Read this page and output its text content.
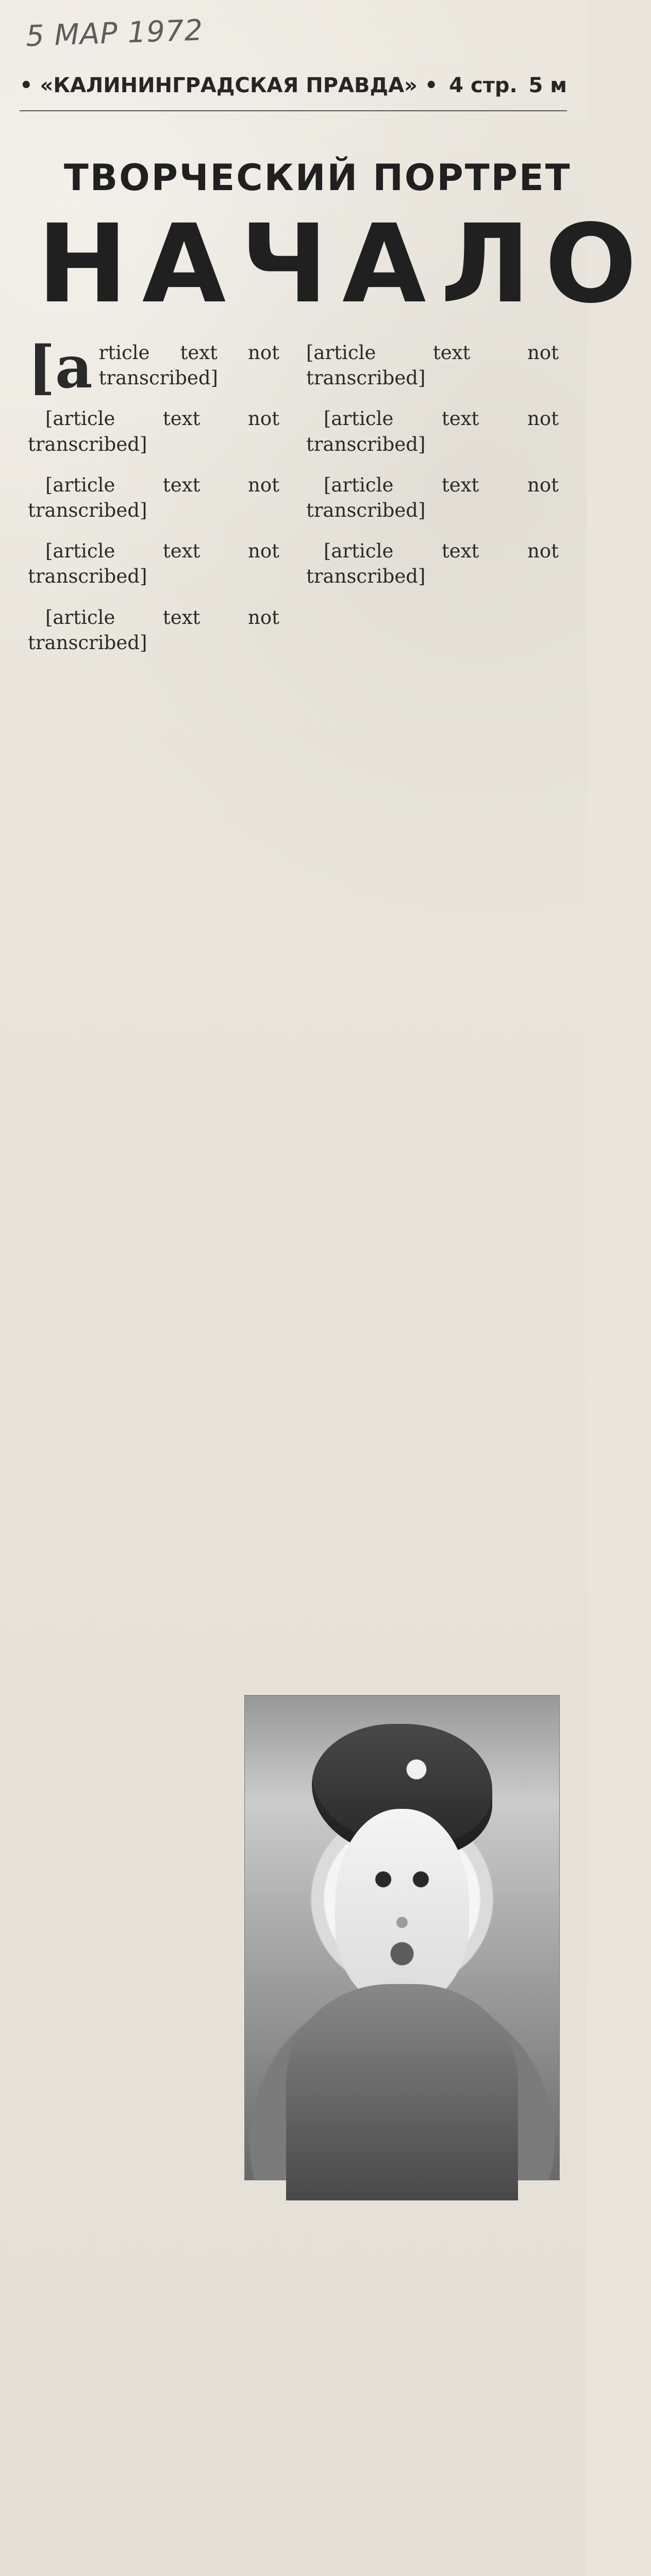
5 МАР 1972
• «КАЛИНИНГРАДСКАЯ ПРАВДА» • 4 стр. 5 м
ТВОРЧЕСКИЙ ПОРТРЕТ
НАЧАЛО

[article text not transcribed]

[article text not transcribed]

[article text not transcribed]

[article text not transcribed]

[article text not transcribed]

[article text not transcribed]

[article text not transcribed]

[article text not transcribed]

[article text not transcribed]
